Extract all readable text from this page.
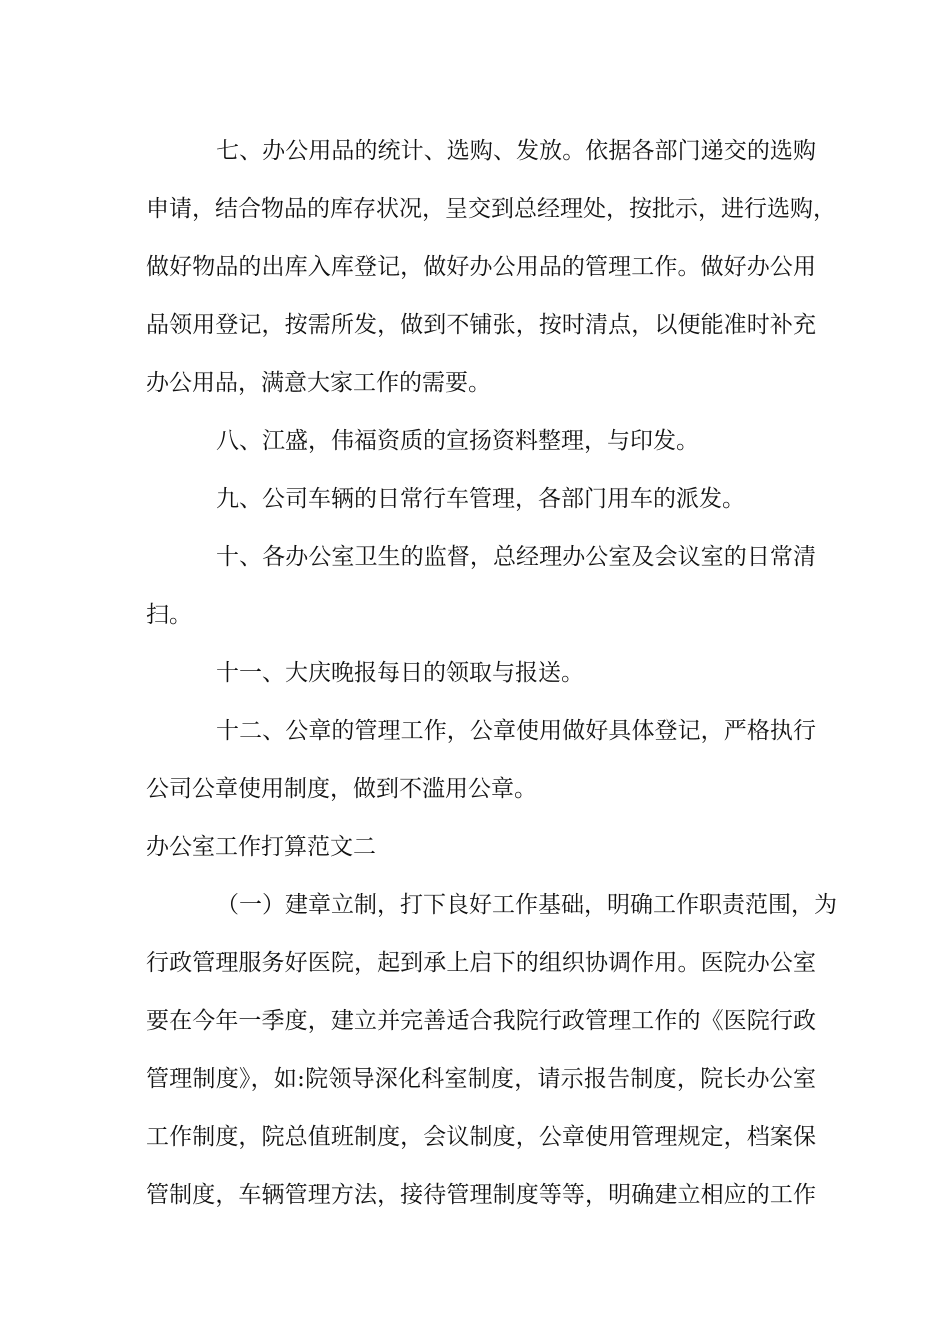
七、办公用品的统计、选购、发放。依据各部门递交的选购
申请，结合物品的库存状况，呈交到总经理处，按批示，进行选购，
做好物品的出库入库登记，做好办公用品的管理工作。做好办公用
品领用登记，按需所发，做到不铺张，按时清点，以便能准时补充
办公用品，满意大家工作的需要。
八、江盛，伟福资质的宣扬资料整理，与印发。
九、公司车辆的日常行车管理，各部门用车的派发。
十、各办公室卫生的监督，总经理办公室及会议室的日常清
扫。
十一、大庆晚报每日的领取与报送。
十二、公章的管理工作，公章使用做好具体登记，严格执行
公司公章使用制度，做到不滥用公章。
办公室工作打算范文二
（一）建章立制，打下良好工作基础，明确工作职责范围，为
行政管理服务好医院，起到承上启下的组织协调作用。医院办公室
要在今年一季度，建立并完善适合我院行政管理工作的《医院行政
管理制度》，如:院领导深化科室制度，请示报告制度，院长办公室
工作制度，院总值班制度，会议制度，公章使用管理规定，档案保
管制度，车辆管理方法，接待管理制度等等，明确建立相应的工作
